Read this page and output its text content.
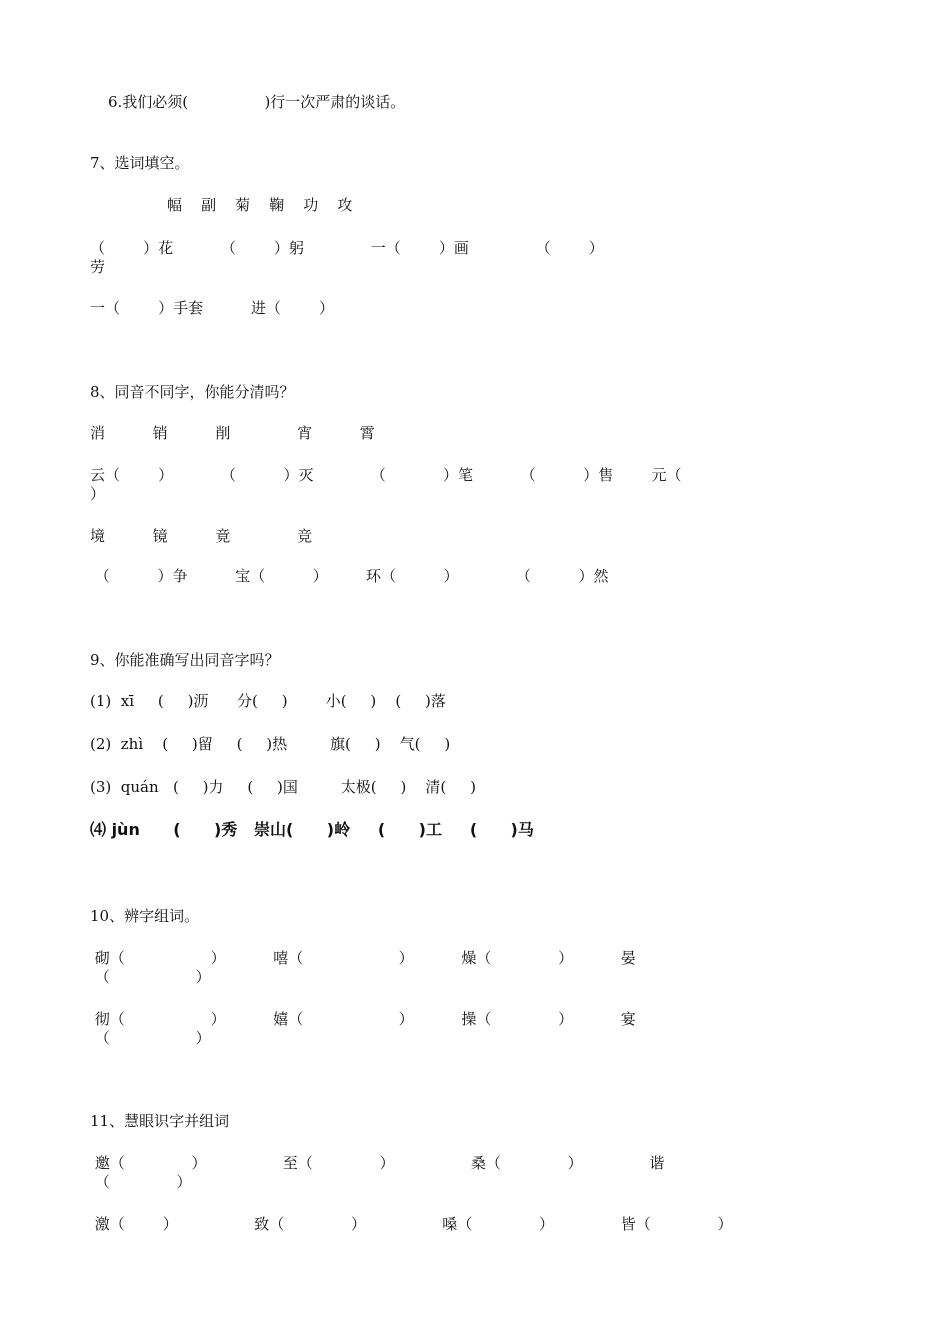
6.我们必须(                )行一次严肃的谈话。
7、选词填空。
幅    副    菊    鞠    功    攻
（        ）花          （        ）躬              一（        ）画              （        ）
劳
一（        ）手套          进（        ）
8、同音不同字，你能分清吗？
消          销          削              宵          霄
云（        ）          （          ）灭            （            ）笔          （          ）售        元（
）
境          镜          竟              竞
（          ）争          宝（          ）        环（          ）            （          ）然
9、你能准确写出同音字吗？
(1)  xī     (     )沥      分(     )        小(     )    (     )落
(2)  zhì    (     )留     (     )热         旗(     )    气(     )
(3)  quán   (     )力     (     )国         太极(     )    清(     )
⑷ jùn      (      )秀   崇山(      )岭     (      )工     (      )马
10、辨字组词。
砌（                  ）          嘻（                    ）          燥（              ）          晏
（                  ）
彻（                  ）          嬉（                    ）          操（              ）          宴
（                  ）
11、慧眼识字并组词
邀（              ）                至（              ）                桑（              ）              谐
（              ）
激（        ）                致（              ）                嗓（              ）              皆（              ）
